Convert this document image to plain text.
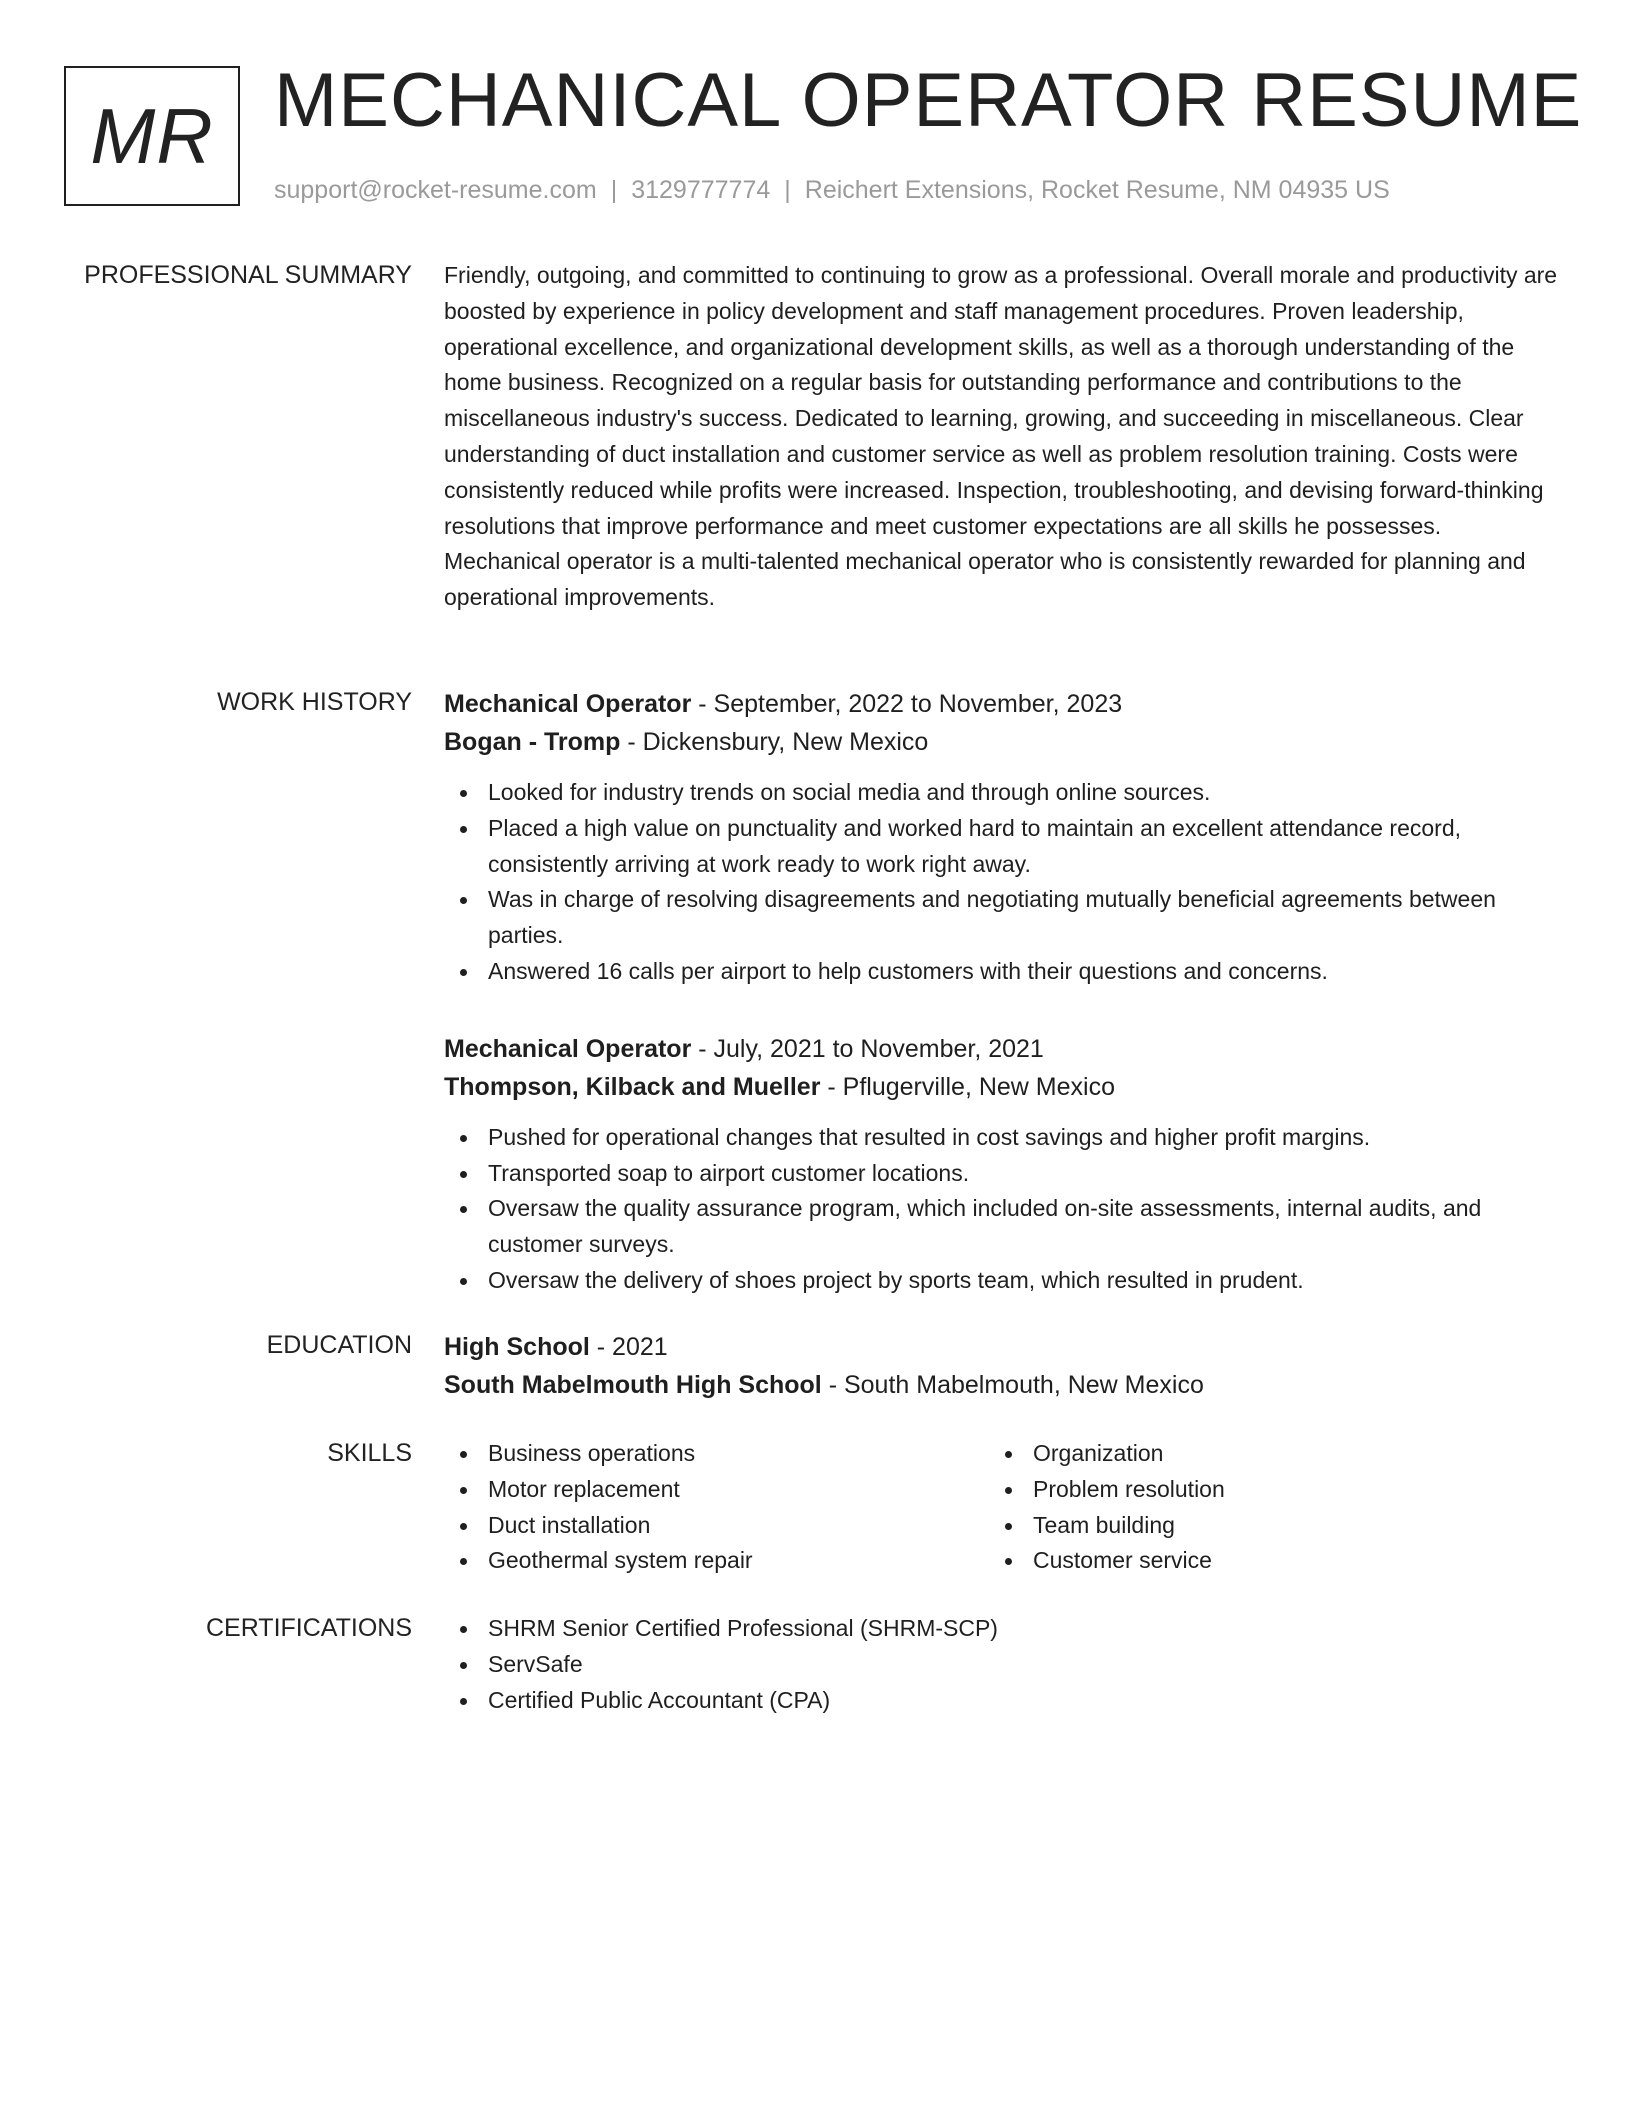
MR MECHANICAL OPERATOR RESUME
support@rocket-resume.com | 3129777774 | Reichert Extensions, Rocket Resume, NM 04935 US
PROFESSIONAL SUMMARY Friendly, outgoing, and committed to continuing to grow as a professional. Overall morale and productivity are boosted by experience in policy development and staff management procedures. Proven leadership, operational excellence, and organizational development skills, as well as a thorough understanding of the home business. Recognized on a regular basis for outstanding performance and contributions to the miscellaneous industry's success. Dedicated to learning, growing, and succeeding in miscellaneous. Clear understanding of duct installation and customer service as well as problem resolution training. Costs were consistently reduced while profits were increased. Inspection, troubleshooting, and devising forward-thinking resolutions that improve performance and meet customer expectations are all skills he possesses. Mechanical operator is a multi-talented mechanical operator who is consistently rewarded for planning and operational improvements.

WORK HISTORY Mechanical Operator - September, 2022 to November, 2023
Bogan - Tromp - Dickensbury, New Mexico
Looked for industry trends on social media and through online sources.
Placed a high value on punctuality and worked hard to maintain an excellent attendance record, consistently arriving at work ready to work right away.
Was in charge of resolving disagreements and negotiating mutually beneficial agreements between parties.
Answered 16 calls per airport to help customers with their questions and concerns.
Mechanical Operator - July, 2021 to November, 2021
Thompson, Kilback and Mueller - Pflugerville, New Mexico
Pushed for operational changes that resulted in cost savings and higher profit margins.
Transported soap to airport customer locations.
Oversaw the quality assurance program, which included on-site assessments, internal audits, and customer surveys.
Oversaw the delivery of shoes project by sports team, which resulted in prudent.
EDUCATION High School - 2021
South Mabelmouth High School - South Mabelmouth, New Mexico
SKILLS	Business operations
Motor replacement
Duct installation
Geothermal system repair
Organization
Problem resolution
Team building
Customer service
CERTIFICATIONS	SHRM Senior Certified Professional (SHRM-SCP)
ServSafe
Certified Public Accountant (CPA)
